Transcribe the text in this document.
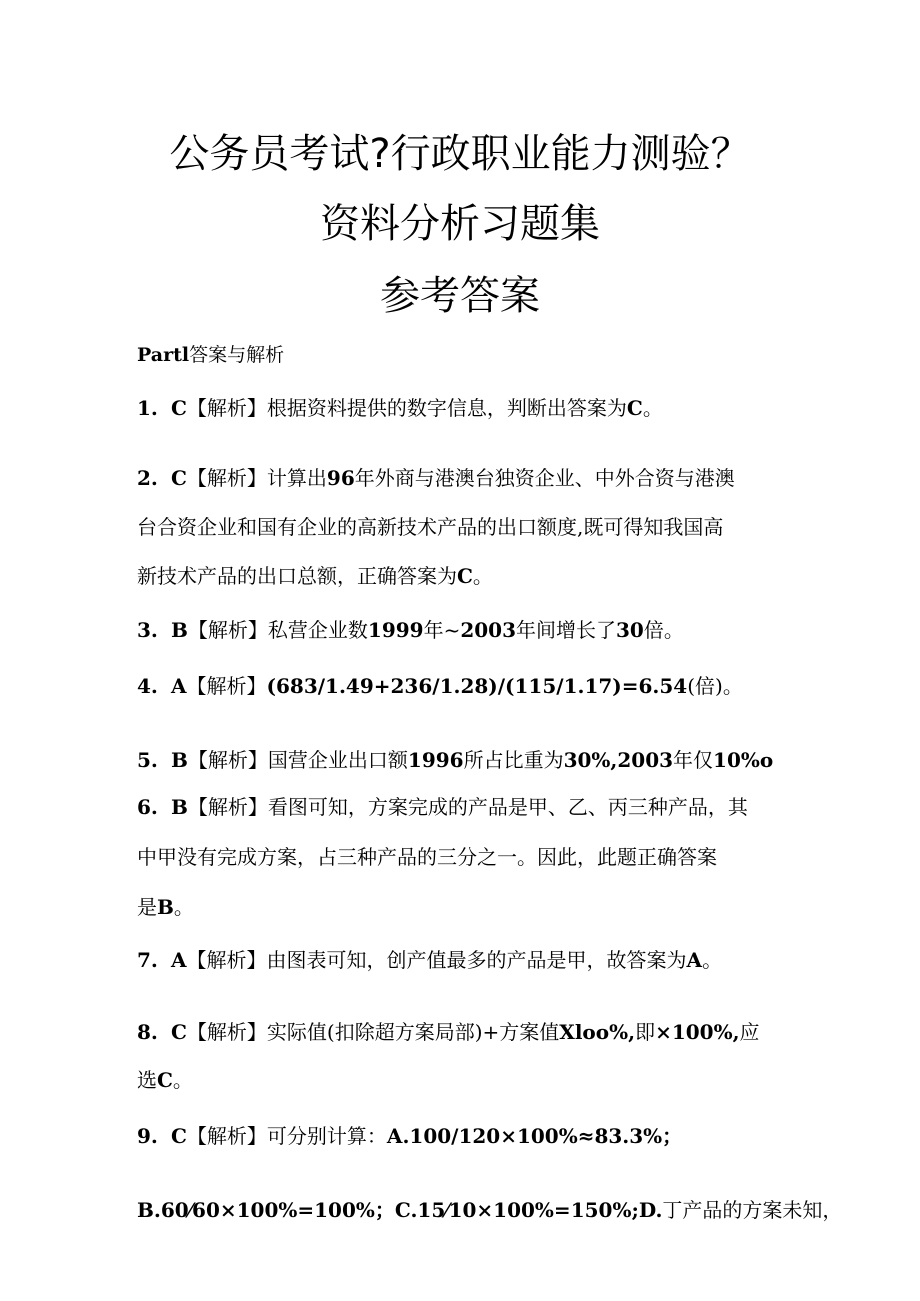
公务员考试?行政职业能力测验？
资料分析习题集
参考答案
Partl答案与解析
1. C【解析】根据资料提供的数字信息，判断出答案为C。
2. C【解析】计算出96年外商与港澳台独资企业、中外合资与港澳
台合资企业和国有企业的高新技术产品的出口额度,既可得知我国高
新技术产品的出口总额，正确答案为C。
3. B【解析】私营企业数1999年~2003年间增长了30倍。
4. A【解析】(683/1.49+236/1.28)/(115/1.17)=6.54(倍)。
5. B【解析】国营企业出口额1996所占比重为30%,2003年仅10%o
6. B【解析】看图可知，方案完成的产品是甲、乙、丙三种产品，其
中甲没有完成方案，占三种产品的三分之一。因此，此题正确答案
是B。
7. A【解析】由图表可知，创产值最多的产品是甲，故答案为A。
8. C【解析】实际值(扣除超方案局部)+方案值Xloo%,即×100%,应
选C。
9. C【解析】可分别计算：A.100/120×100%≈83.3%；
B.60⁄60×100%=100%；C.15⁄10×100%=150%;D.丁产品的方案未知，
